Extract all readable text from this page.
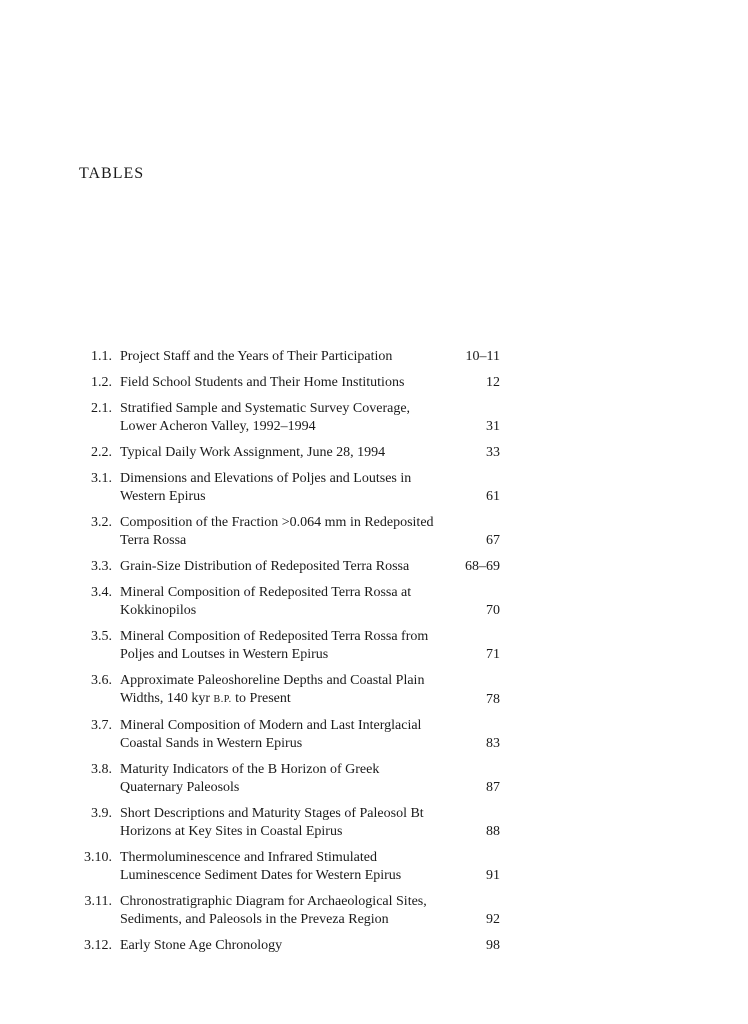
TABLES
1.1. Project Staff and the Years of Their Participation	10–11
1.2. Field School Students and Their Home Institutions	12
2.1. Stratified Sample and Systematic Survey Coverage,
Lower Acheron Valley, 1992–1994	31
2.2. Typical Daily Work Assignment, June 28, 1994	33
3.1. Dimensions and Elevations of Poljes and Loutses in
Western Epirus	61
3.2. Composition of the Fraction >0.064 mm in Redeposited
Terra Rossa	67
3.3. Grain-Size Distribution of Redeposited Terra Rossa	68–69
3.4. Mineral Composition of Redeposited Terra Rossa at
Kokkinopilos	70
3.5. Mineral Composition of Redeposited Terra Rossa from
Poljes and Loutses in Western Epirus	71
3.6. Approximate Paleoshoreline Depths and Coastal Plain
Widths, 140 kyr B.P. to Present	78
3.7. Mineral Composition of Modern and Last Interglacial
Coastal Sands in Western Epirus	83
3.8. Maturity Indicators of the B Horizon of Greek
Quaternary Paleosols	87
3.9. Short Descriptions and Maturity Stages of Paleosol Bt
Horizons at Key Sites in Coastal Epirus	88
3.10. Thermoluminescence and Infrared Stimulated
Luminescence Sediment Dates for Western Epirus	91
3.11. Chronostratigraphic Diagram for Archaeological Sites,
Sediments, and Paleosols in the Preveza Region	92
3.12. Early Stone Age Chronology	98
